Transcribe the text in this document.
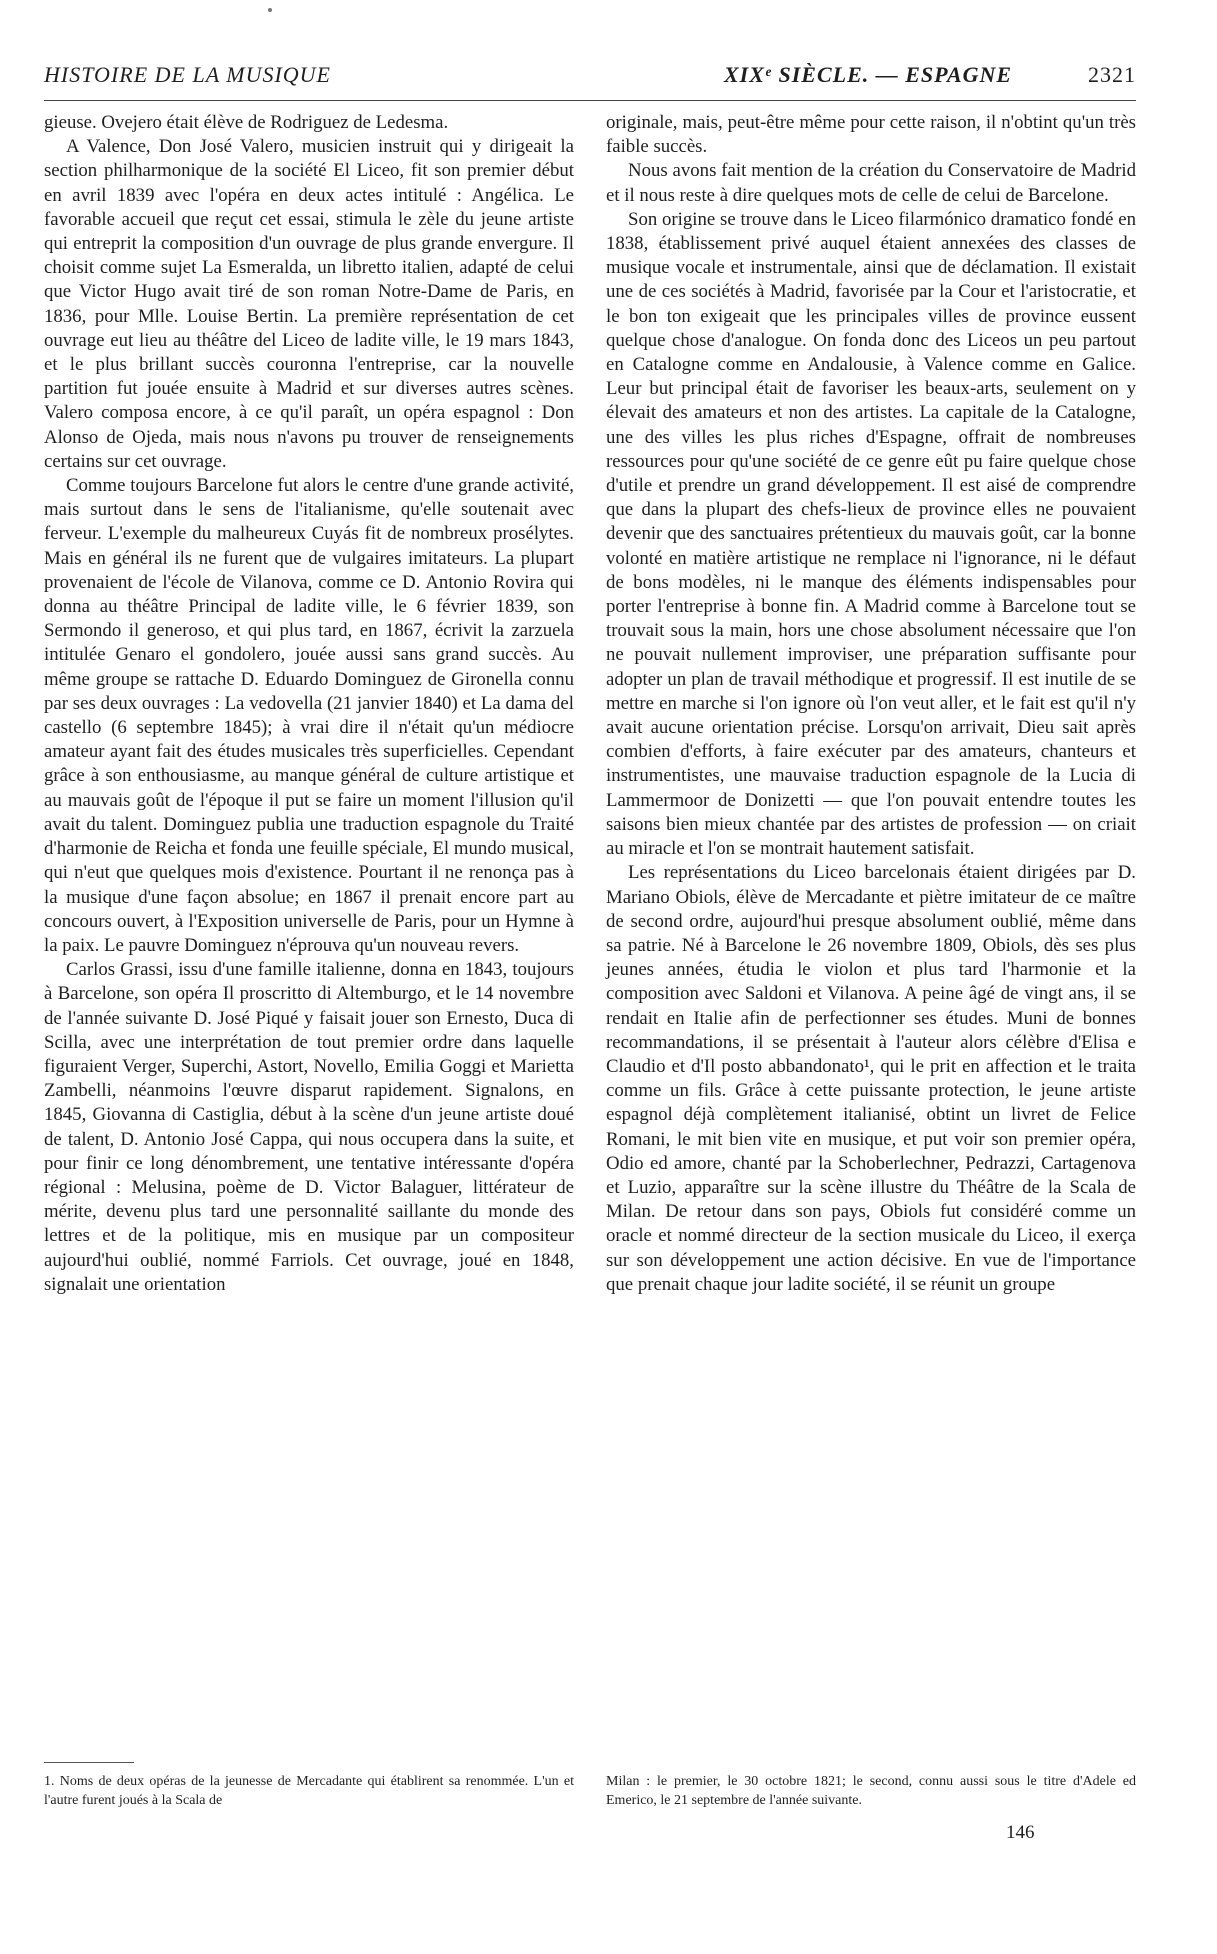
HISTOIRE DE LA MUSIQUE	XIXᵉ SIÈCLE. — ESPAGNE	2321

gieuse. Ovejero était élève de Rodriguez de Ledesma.

A Valence, Don José Valero, musicien instruit qui y dirigeait la section philharmonique de la société El Liceo, fit son premier début en avril 1839 avec l'opéra en deux actes intitulé : Angélica. Le favorable accueil que reçut cet essai, stimula le zèle du jeune artiste qui entreprit la composition d'un ouvrage de plus grande envergure. Il choisit comme sujet La Esmeralda, un libretto italien, adapté de celui que Victor Hugo avait tiré de son roman Notre-Dame de Paris, en 1836, pour Mlle. Louise Bertin. La première représentation de cet ouvrage eut lieu au théâtre del Liceo de ladite ville, le 19 mars 1843, et le plus brillant succès couronna l'entreprise, car la nouvelle partition fut jouée ensuite à Madrid et sur diverses autres scènes. Valero composa encore, à ce qu'il paraît, un opéra espagnol : Don Alonso de Ojeda, mais nous n'avons pu trouver de renseignements certains sur cet ouvrage.

Comme toujours Barcelone fut alors le centre d'une grande activité, mais surtout dans le sens de l'italianisme, qu'elle soutenait avec ferveur. L'exemple du malheureux Cuyás fit de nombreux prosélytes. Mais en général ils ne furent que de vulgaires imitateurs. La plupart provenaient de l'école de Vilanova, comme ce D. Antonio Rovira qui donna au théâtre Principal de ladite ville, le 6 février 1839, son Sermondo il generoso, et qui plus tard, en 1867, écrivit la zarzuela intitulée Genaro el gondolero, jouée aussi sans grand succès. Au même groupe se rattache D. Eduardo Dominguez de Gironella connu par ses deux ouvrages : La vedovella (21 janvier 1840) et La dama del castello (6 septembre 1845); à vrai dire il n'était qu'un médiocre amateur ayant fait des études musicales très superficielles. Cependant grâce à son enthousiasme, au manque général de culture artistique et au mauvais goût de l'époque il put se faire un moment l'illusion qu'il avait du talent. Dominguez publia une traduction espagnole du Traité d'harmonie de Reicha et fonda une feuille spéciale, El mundo musical, qui n'eut que quelques mois d'existence. Pourtant il ne renonça pas à la musique d'une façon absolue; en 1867 il prenait encore part au concours ouvert, à l'Exposition universelle de Paris, pour un Hymne à la paix. Le pauvre Dominguez n'éprouva qu'un nouveau revers.

Carlos Grassi, issu d'une famille italienne, donna en 1843, toujours à Barcelone, son opéra Il proscritto di Altemburgo, et le 14 novembre de l'année suivante D. José Piqué y faisait jouer son Ernesto, Duca di Scilla, avec une interprétation de tout premier ordre dans laquelle figuraient Verger, Superchi, Astort, Novello, Emilia Goggi et Marietta Zambelli, néanmoins l'œuvre disparut rapidement. Signalons, en 1845, Giovanna di Castiglia, début à la scène d'un jeune artiste doué de talent, D. Antonio José Cappa, qui nous occupera dans la suite, et pour finir ce long dénombrement, une tentative intéressante d'opéra régional : Melusina, poème de D. Victor Balaguer, littérateur de mérite, devenu plus tard une personnalité saillante du monde des lettres et de la politique, mis en musique par un compositeur aujourd'hui oublié, nommé Farriols. Cet ouvrage, joué en 1848, signalait une orientation

originale, mais, peut-être même pour cette raison, il n'obtint qu'un très faible succès.

Nous avons fait mention de la création du Conservatoire de Madrid et il nous reste à dire quelques mots de celle de celui de Barcelone.

Son origine se trouve dans le Liceo filarmónico dramatico fondé en 1838, établissement privé auquel étaient annexées des classes de musique vocale et instrumentale, ainsi que de déclamation. Il existait une de ces sociétés à Madrid, favorisée par la Cour et l'aristocratie, et le bon ton exigeait que les principales villes de province eussent quelque chose d'analogue. On fonda donc des Liceos un peu partout en Catalogne comme en Andalousie, à Valence comme en Galice. Leur but principal était de favoriser les beaux-arts, seulement on y élevait des amateurs et non des artistes. La capitale de la Catalogne, une des villes les plus riches d'Espagne, offrait de nombreuses ressources pour qu'une société de ce genre eût pu faire quelque chose d'utile et prendre un grand développement. Il est aisé de comprendre que dans la plupart des chefs-lieux de province elles ne pouvaient devenir que des sanctuaires prétentieux du mauvais goût, car la bonne volonté en matière artistique ne remplace ni l'ignorance, ni le défaut de bons modèles, ni le manque des éléments indispensables pour porter l'entreprise à bonne fin. A Madrid comme à Barcelone tout se trouvait sous la main, hors une chose absolument nécessaire que l'on ne pouvait nullement improviser, une préparation suffisante pour adopter un plan de travail méthodique et progressif. Il est inutile de se mettre en marche si l'on ignore où l'on veut aller, et le fait est qu'il n'y avait aucune orientation précise. Lorsqu'on arrivait, Dieu sait après combien d'efforts, à faire exécuter par des amateurs, chanteurs et instrumentistes, une mauvaise traduction espagnole de la Lucia di Lammermoor de Donizetti — que l'on pouvait entendre toutes les saisons bien mieux chantée par des artistes de profession — on criait au miracle et l'on se montrait hautement satisfait.

Les représentations du Liceo barcelonais étaient dirigées par D. Mariano Obiols, élève de Mercadante et piètre imitateur de ce maître de second ordre, aujourd'hui presque absolument oublié, même dans sa patrie. Né à Barcelone le 26 novembre 1809, Obiols, dès ses plus jeunes années, étudia le violon et plus tard l'harmonie et la composition avec Saldoni et Vilanova. A peine âgé de vingt ans, il se rendait en Italie afin de perfectionner ses études. Muni de bonnes recommandations, il se présentait à l'auteur alors célèbre d'Elisa e Claudio et d'Il posto abbandonato¹, qui le prit en affection et le traita comme un fils. Grâce à cette puissante protection, le jeune artiste espagnol déjà complètement italianisé, obtint un livret de Felice Romani, le mit bien vite en musique, et put voir son premier opéra, Odio ed amore, chanté par la Schoberlechner, Pedrazzi, Cartagenova et Luzio, apparaître sur la scène illustre du Théâtre de la Scala de Milan. De retour dans son pays, Obiols fut considéré comme un oracle et nommé directeur de la section musicale du Liceo, il exerça sur son développement une action décisive. En vue de l'importance que prenait chaque jour ladite société, il se réunit un groupe

1. Noms de deux opéras de la jeunesse de Mercadante qui établirent sa renommée. L'un et l'autre furent joués à la Scala de
Milan : le premier, le 30 octobre 1821; le second, connu aussi sous le titre d'Adele ed Emerico, le 21 septembre de l'année suivante.
146
